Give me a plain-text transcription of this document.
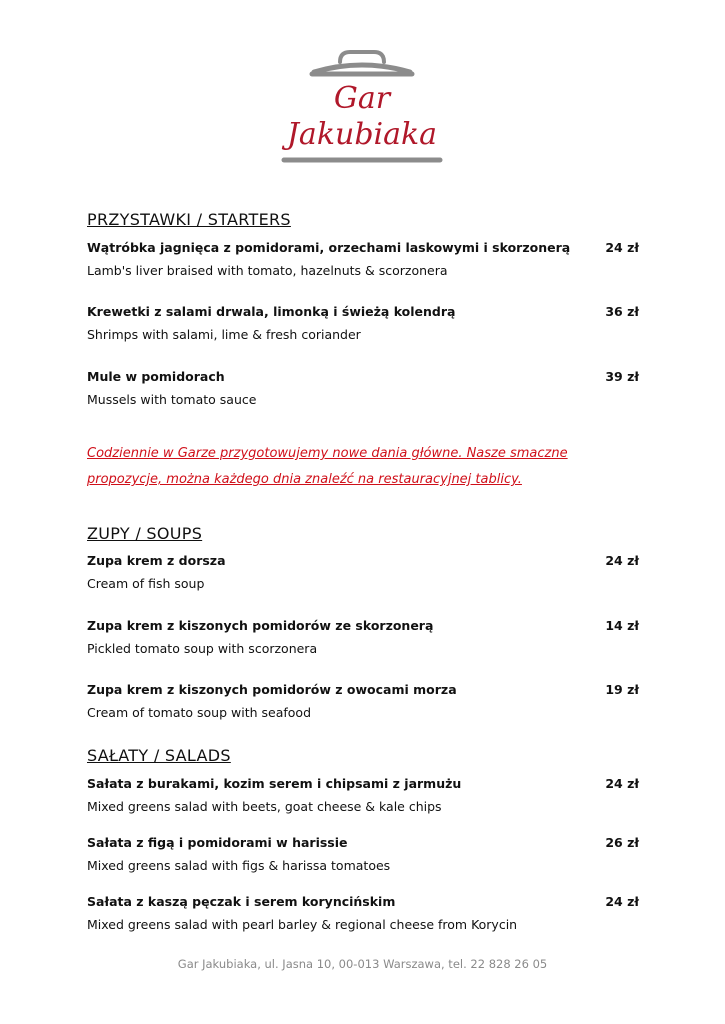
Gar
Jakubiaka
PRZYSTAWKI / STARTERS
Wątróbka jagnięca z pomidorami, orzechami laskowymi i skorzonerą	24 zł
Lamb's liver braised with tomato, hazelnuts & scorzonera
Krewetki z salami drwala, limonką i świeżą kolendrą	36 zł
Shrimps with salami, lime & fresh coriander
Mule w pomidorach	39 zł
Mussels with tomato sauce
Codziennie w Garze przygotowujemy nowe dania główne. Nasze smaczne
propozycje, można każdego dnia znaleźć na restauracyjnej tablicy.
ZUPY / SOUPS
Zupa krem z dorsza	24 zł
Cream of fish soup
Zupa krem z kiszonych pomidorów ze skorzonerą	14 zł
Pickled tomato soup with scorzonera
Zupa krem z kiszonych pomidorów z owocami morza	19 zł
Cream of tomato soup with seafood
SAŁATY / SALADS
Sałata z burakami, kozim serem i chipsami z jarmużu	24 zł
Mixed greens salad with beets, goat cheese & kale chips
Sałata z figą i pomidorami w harissie	26 zł
Mixed greens salad with figs & harissa tomatoes
Sałata z kaszą pęczak i serem koryncińskim	24 zł
Mixed greens salad with pearl barley & regional cheese from Korycin
Gar Jakubiaka, ul. Jasna 10, 00-013 Warszawa, tel. 22 828 26 05
